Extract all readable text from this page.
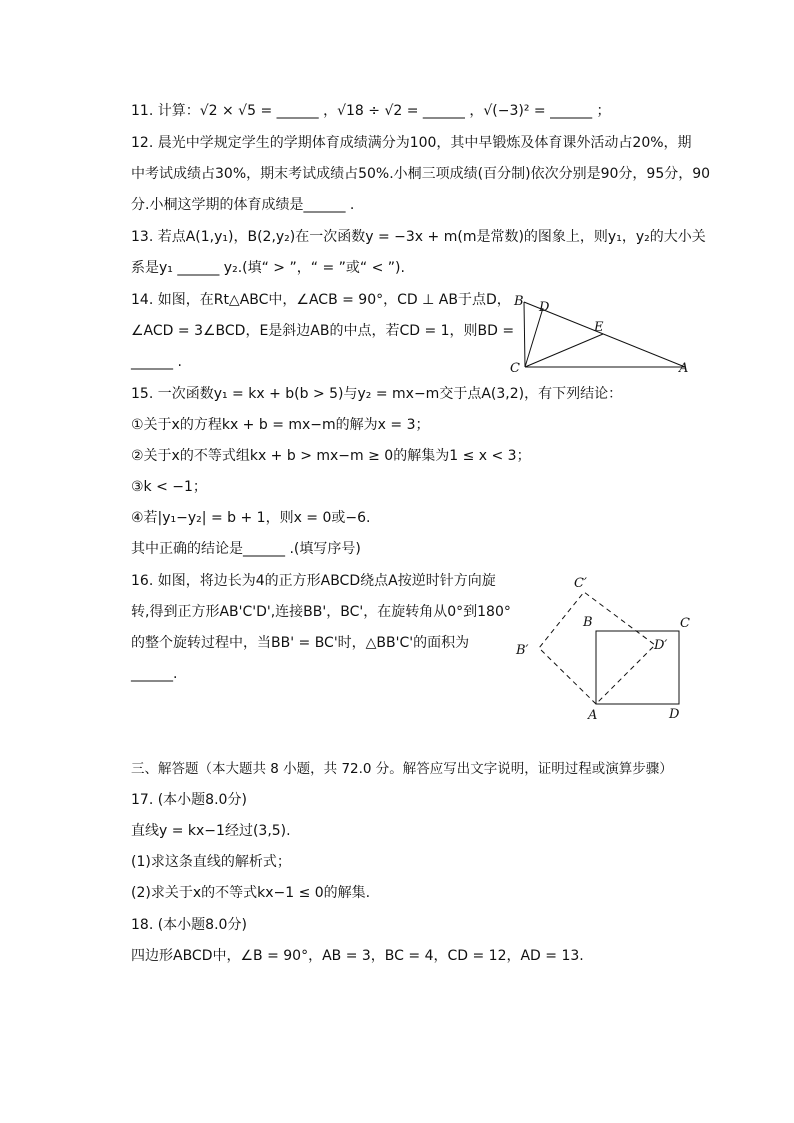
11. 计算：√2 × √5 = ______ ，√18 ÷ √2 = ______ ，√(−3)² = ______ ；
12. 晨光中学规定学生的学期体育成绩满分为100，其中早锻炼及体育课外活动占20%，期
中考试成绩占30%，期末考试成绩占50%.小桐三项成绩(百分制)依次分别是90分，95分，90
分.小桐这学期的体育成绩是______ .
13. 若点A(1,y₁)，B(2,y₂)在一次函数y = −3x + m(m是常数)的图象上，则y₁，y₂的大小关
系是y₁ ______ y₂.(填“ > ”，“ = ”或“ < ”).
14. 如图，在Rt△ABC中，∠ACB = 90°，CD ⊥ AB于点D，
∠ACD = 3∠BCD，E是斜边AB的中点，若CD = 1，则BD =
______ .
B D
E
C	A
15. 一次函数y₁ = kx + b(b > 5)与y₂ = mx−m交于点A(3,2)，有下列结论：
①关于x的方程kx + b = mx−m的解为x = 3；
②关于x的不等式组kx + b > mx−m ≥ 0的解集为1 ≤ x < 3；
③k < −1；
④若|y₁−y₂| = b + 1，则x = 0或−6.
其中正确的结论是______ .(填写序号)
16. 如图，将边长为4的正方形ABCD绕点A按逆时针方向旋
转,得到正方形AB'C'D',连接BB'，BC'，在旋转角从0°到180°
的整个旋转过程中，当BB' = BC'时，△BB'C'的面积为
______.
C′
B	C
D′
B′
A	D
三、解答题（本大题共 8 小题，共 72.0 分。解答应写出文字说明，证明过程或演算步骤）
17. (本小题8.0分)
直线y = kx−1经过(3,5).
(1)求这条直线的解析式；
(2)求关于x的不等式kx−1 ≤ 0的解集.
18. (本小题8.0分)
四边形ABCD中，∠B = 90°，AB = 3，BC = 4，CD = 12，AD = 13.
